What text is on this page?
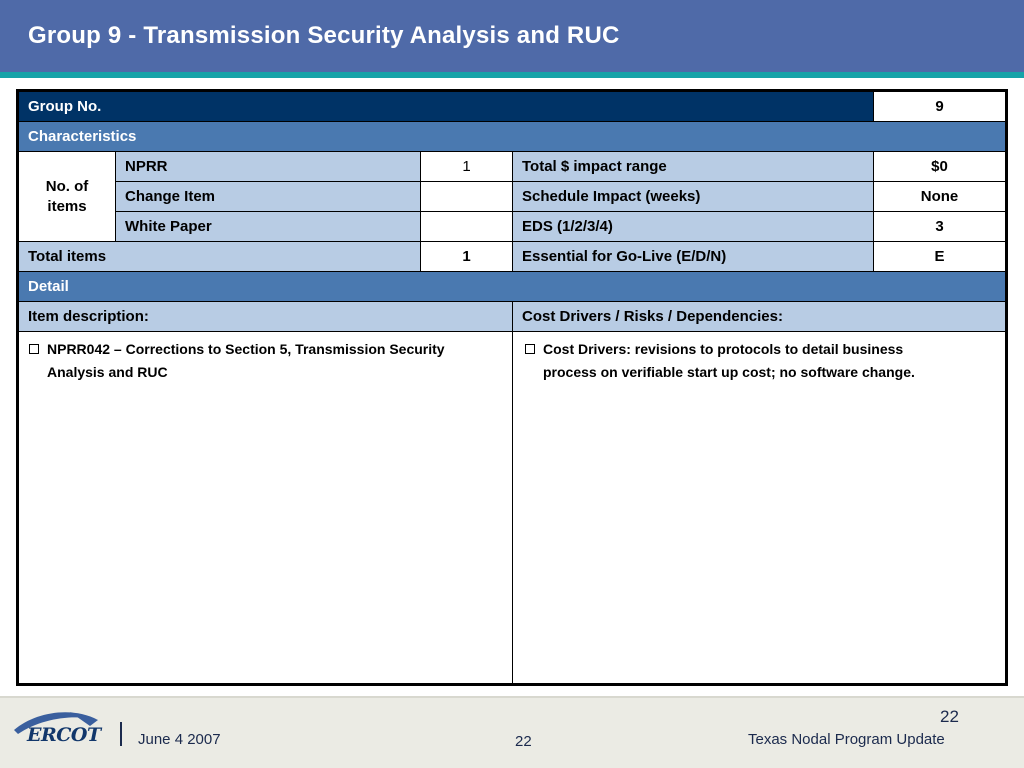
Group 9 - Transmission Security Analysis and RUC
Group No.				9
Characteristics				
No. of items	NPRR	1	Total $ impact range	$0
	Change Item		Schedule Impact (weeks)	None
	White Paper		EDS (1/2/3/4)	3
Total items		1	Essential for Go-Live (E/D/N)	E
Detail				
Item description:			Cost Drivers / Risks / Dependencies:	

NPRR042 – Corrections to Section 5, Transmission Security Analysis and RUC			Cost Drivers: revisions to protocols to detail business process on verifiable start up cost; no software change.	
ERCOT June 4 2007	22
22
Texas Nodal Program Update
